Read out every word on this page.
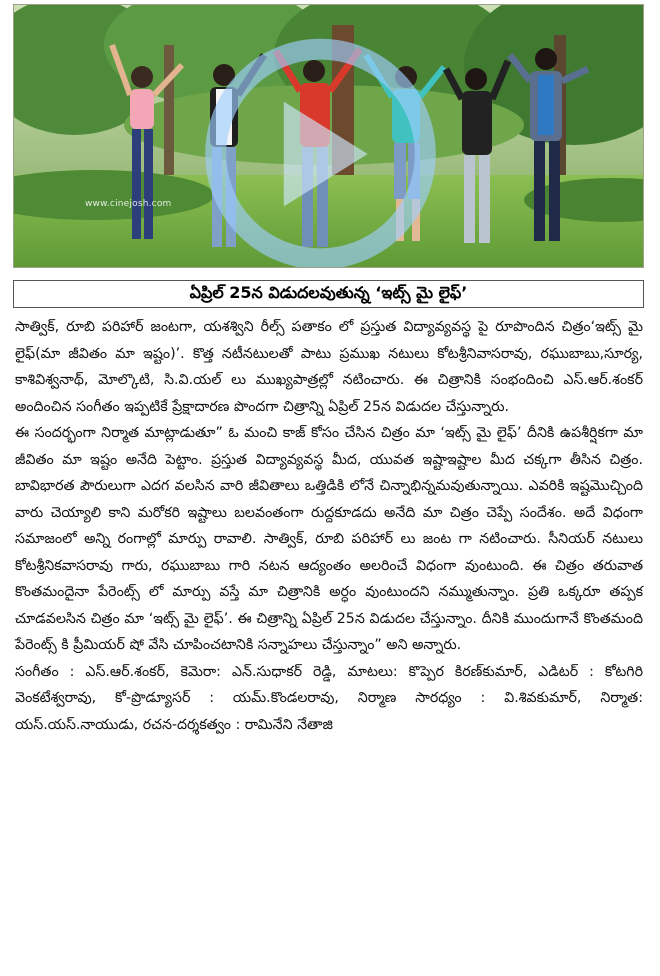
www.cinejosh.com
ఏప్రిల్ 25న విడుదలవుతున్న ‘ఇట్స్ మై లైఫ్’

సాత్విక్, రూబి పరిహార్ జంటగా, యశశ్విని రీల్స్ పతాకం లో ప్రస్తుత విద్యావ్యవస్థ పై రూపొందిన చిత్రం‘ఇట్స్ మై లైఫ్(మా జీవితం మా ఇష్టం)’. కొత్త నటీనటులతో పాటు ప్రముఖ నటులు కోటశ్రీనివాసరావు, రఘుబాబు,సూర్య, కాశివిశ్వనాథ్, మోల్కొటి, సి.వి.యల్ లు ముఖ్యపాత్రల్లో నటించారు. ఈ చిత్రానికి సంభందించి ఎస్.ఆర్.శంకర్ అందించిన సంగీతం ఇప్పటికే ప్రేక్షాదారణ పొందగా చిత్రాన్ని ఏప్రిల్ 25న విడుదల చేస్తున్నారు.

ఈ సందర్భంగా నిర్మాత మాట్లాడుతూ” ఓ మంచి కాజ్ కోసం చేసిన చిత్రం మా ‘ఇట్స్ మై లైఫ్’ దీనికి ఉపశీర్షికగా మా జీవితం మా ఇష్టం అనేది పెట్టాం. ప్రస్తుత విద్యావ్యవస్థ మీద, యువత ఇష్టాఇష్టాల మీద చక్కగా తీసిన చిత్రం. బావిభారత పౌరులుగా ఎదగ వలసిన వారి జీవితాలు ఒత్తిడికి లోనే చిన్నాభిన్నమవుతున్నాయి. ఎవరికి ఇష్టమొచ్చింది వారు చెయ్యాలి కాని మరోకరి ఇష్టాలు బలవంతంగా రుద్దకూడదు అనేది మా చిత్రం చెప్పే సందేశం. అదే విధంగా సమాజంలో అన్ని రంగాల్లో మార్పు రావాలి. సాత్విక్, రూబి పరిహార్ లు జంట గా నటించారు. సీనియర్ నటులు కోటశ్రీనికవాసరావు గారు, రఘుబాబు గారి నటన ఆద్యంతం అలరించే విధంగా వుంటుంది. ఈ చిత్రం తరువాత కొంతమందైనా పేరెంట్స్ లో మార్పు వస్తే మా చిత్రానికి అర్ధం వుంటుందని నమ్ముతున్నాం. ప్రతి ఒక్కరూ తప్పక చూడవలసిన చిత్రం మా ‘ఇట్స్ మై లైఫ్’. ఈ చిత్రాన్ని ఏప్రిల్ 25న విడుదల చేస్తున్నాం. దీనికి ముందుగానే కొంతమంది పేరెంట్స్ కి ప్రీమియర్ షో వేసి చూపించటానికి సన్నాహలు చేస్తున్నాం” అని అన్నారు.

సంగీతం : ఎస్.ఆర్.శంకర్, కెమెరా: ఎన్.సుధాకర్ రెడ్డి, మాటలు: కొప్పెర కిరణ్‌కుమార్, ఎడిటర్ : కోటగిరి వెంకటేశ్వరావు, కో-ప్రొడ్యూసర్ : యమ్.కొండలరావు, నిర్మాణ సారధ్యం : వి.శివకుమార్, నిర్మాత: యస్.యస్.నాయుడు, రచన-దర్శకత్వం : రామినేని నేతాజి
